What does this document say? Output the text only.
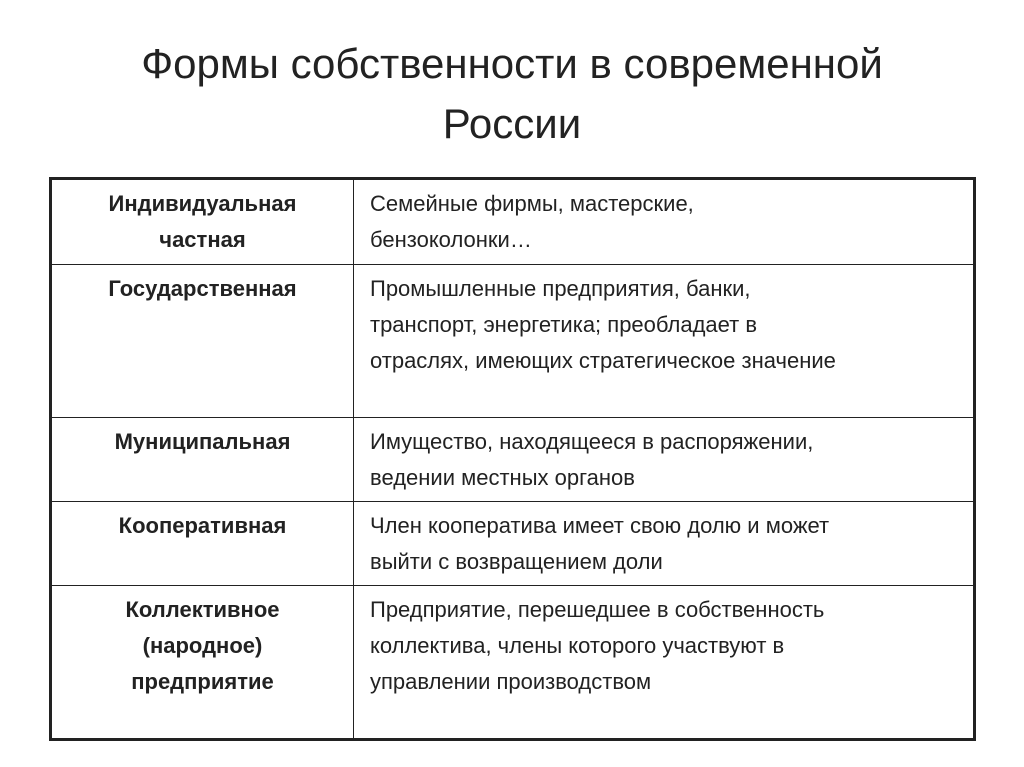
Формы собственности в современной
России
Индивидуальная
частная	Семейные фирмы, мастерские,
бензоколонки…

Государственная	Промышленные предприятия, банки,
транспорт, энергетика; преобладает в
отраслях, имеющих стратегическое значение

Муниципальная	Имущество, находящееся в распоряжении,
ведении местных органов

Кооперативная	Член кооператива имеет свою долю и может
выйти с возвращением доли

Коллективное
(народное)
предприятие	Предприятие, перешедшее в собственность
коллектива, члены которого участвуют в
управлении производством
